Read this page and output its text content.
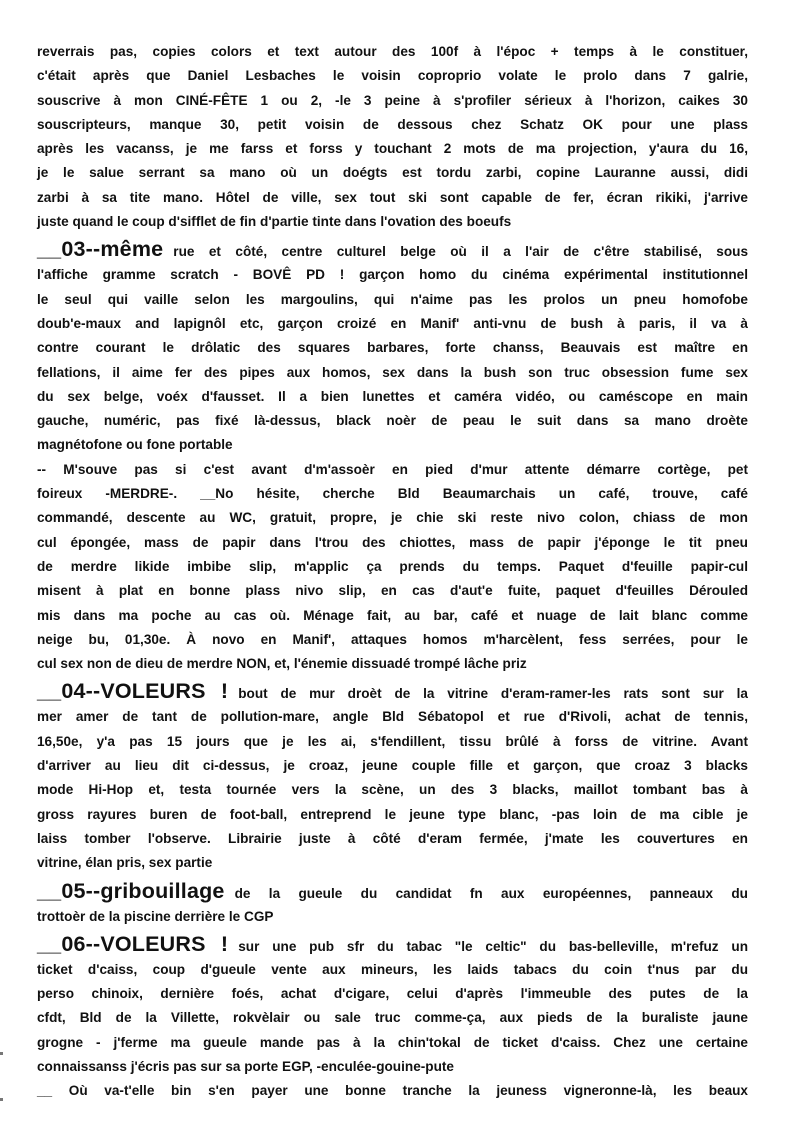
reverrais pas, copies colors et text autour des 100f à l'époc + temps à le constituer,
c'était après que Daniel Lesbaches le voisin coproprio volate le prolo dans 7 galrie,
souscrive à mon CINÉ-FÊTE 1 ou 2, -le 3 peine à s'profiler sérieux à l'horizon, caikes 30
souscripteurs, manque 30, petit voisin de dessous chez Schatz OK pour une plass
après les vacanss, je me farss et forss y touchant 2 mots de ma projection, y'aura du 16,
je le salue serrant sa mano où un doégts est tordu zarbi, copine Lauranne aussi, didi
zarbi à sa tite mano. Hôtel de ville, sex tout ski sont capable de fer, écran rikiki, j'arrive
juste quand le coup d'sifflet de fin d'partie tinte dans l'ovation des boeufs
__03--même rue et côté, centre culturel belge où il a l'air de c'être stabilisé, sous
l'affiche gramme scratch - BOVÊ PD ! garçon homo du cinéma expérimental institutionnel
le seul qui vaille selon les margoulins, qui n'aime pas les prolos un pneu homofobe
doub'e-maux and lapignôl etc, garçon croizé en Manif' anti-vnu de bush à paris, il va à
contre courant le drôlatic des squares barbares, forte chanss, Beauvais est maître en
fellations, il aime fer des pipes aux homos, sex dans la bush son truc obsession fume sex
du sex belge, voéx d'fausset. Il a bien lunettes et caméra vidéo, ou caméscope en main
gauche, numéric, pas fixé là-dessus, black noèr de peau le suit dans sa mano droète
magnétofone ou fone portable
-- M'souve pas si c'est avant d'm'assoèr en pied d'mur attente démarre cortège, pet
foireux -MERDRE-. __No hésite, cherche Bld Beaumarchais un café, trouve, café
commandé, descente au WC, gratuit, propre, je chie ski reste nivo colon, chiass de mon
cul épongée, mass de papir dans l'trou des chiottes, mass de papir j'éponge le tit pneu
de merdre likide imbibe slip, m'applic ça prends du temps. Paquet d'feuille papir-cul
misent à plat en bonne plass nivo slip, en cas d'aut'e fuite, paquet d'feuilles Dérouled
mis dans ma poche au cas où. Ménage fait, au bar, café et nuage de lait blanc comme
neige bu, 01,30e. À novo en Manif', attaques homos m'harcèlent, fess serrées, pour le
cul sex non de dieu de merdre NON, et, l'énemie dissuadé trompé lâche priz
__04--VOLEURS ! bout de mur droèt de la vitrine d'eram-ramer-les rats sont sur la
mer amer de tant de pollution-mare, angle Bld Sébatopol et rue d'Rivoli, achat de tennis,
16,50e, y'a pas 15 jours que je les ai, s'fendillent, tissu brûlé à forss de vitrine. Avant
d'arriver au lieu dit ci-dessus, je croaz, jeune couple fille et garçon, que croaz 3 blacks
mode Hi-Hop et, testa tournée vers la scène, un des 3 blacks, maillot tombant bas à
gross rayures buren de foot-ball, entreprend le jeune type blanc, -pas loin de ma cible je
laiss tomber l'observe. Librairie juste à côté d'eram fermée, j'mate les couvertures en
vitrine, élan pris, sex partie
__05--gribouillage de la gueule du candidat fn aux européennes, panneaux du
trottoèr de la piscine derrière le CGP
__06--VOLEURS ! sur une pub sfr du tabac "le celtic" du bas-belleville, m'refuz un
ticket d'caiss, coup d'gueule vente aux mineurs, les laids tabacs du coin t'nus par du
perso chinoix, dernière foés, achat d'cigare, celui d'après l'immeuble des putes de la
cfdt, Bld de la Villette, rokvèlair ou sale truc comme-ça, aux pieds de la buraliste jaune
grogne - j'ferme ma gueule mande pas à la chin'tokal de ticket d'caiss. Chez une certaine
connaissanss j'écris pas sur sa porte EGP, -enculée-gouine-pute
__ Où va-t'elle bin s'en payer une bonne tranche la jeuness vigneronne-là, les beaux
